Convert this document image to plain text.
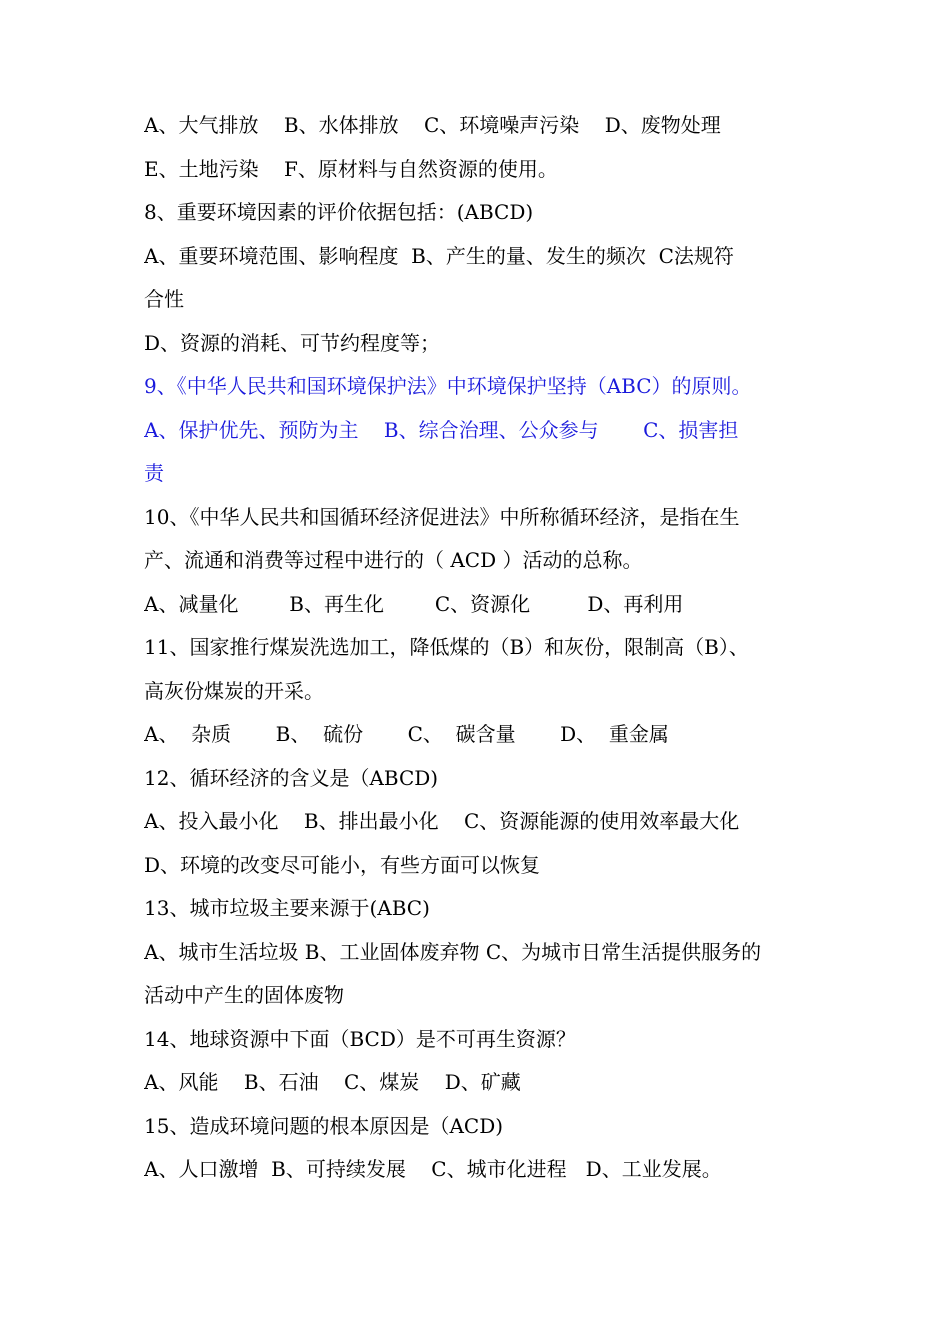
A、大气排放    B、水体排放    C、环境噪声污染    D、废物处理
E、土地污染    F、原材料与自然资源的使用。
8、重要环境因素的评价依据包括：(ABCD)
A、重要环境范围、影响程度  B、产生的量、发生的频次  C法规符
合性
D、资源的消耗、可节约程度等；
9、《中华人民共和国环境保护法》中环境保护坚持（ABC）的原则。
A、保护优先、预防为主    B、综合治理、公众参与       C、损害担
责
10、《中华人民共和国循环经济促进法》中所称循环经济，是指在生
产、流通和消费等过程中进行的（ ACD ）活动的总称。
A、减量化        B、再生化        C、资源化         D、再利用
11、国家推行煤炭洗选加工，降低煤的（B）和灰份，限制高（B）、
高灰份煤炭的开采。
A、  杂质       B、  硫份       C、  碳含量       D、  重金属
12、循环经济的含义是（ABCD)
A、投入最小化    B、排出最小化    C、资源能源的使用效率最大化
D、环境的改变尽可能小，有些方面可以恢复
13、城市垃圾主要来源于(ABC)
A、城市生活垃圾 B、工业固体废弃物 C、为城市日常生活提供服务的
活动中产生的固体废物
14、地球资源中下面（BCD）是不可再生资源？
A、风能    B、石油    C、煤炭    D、矿藏
15、造成环境问题的根本原因是（ACD)
A、人口激增  B、可持续发展    C、城市化进程   D、工业发展。
